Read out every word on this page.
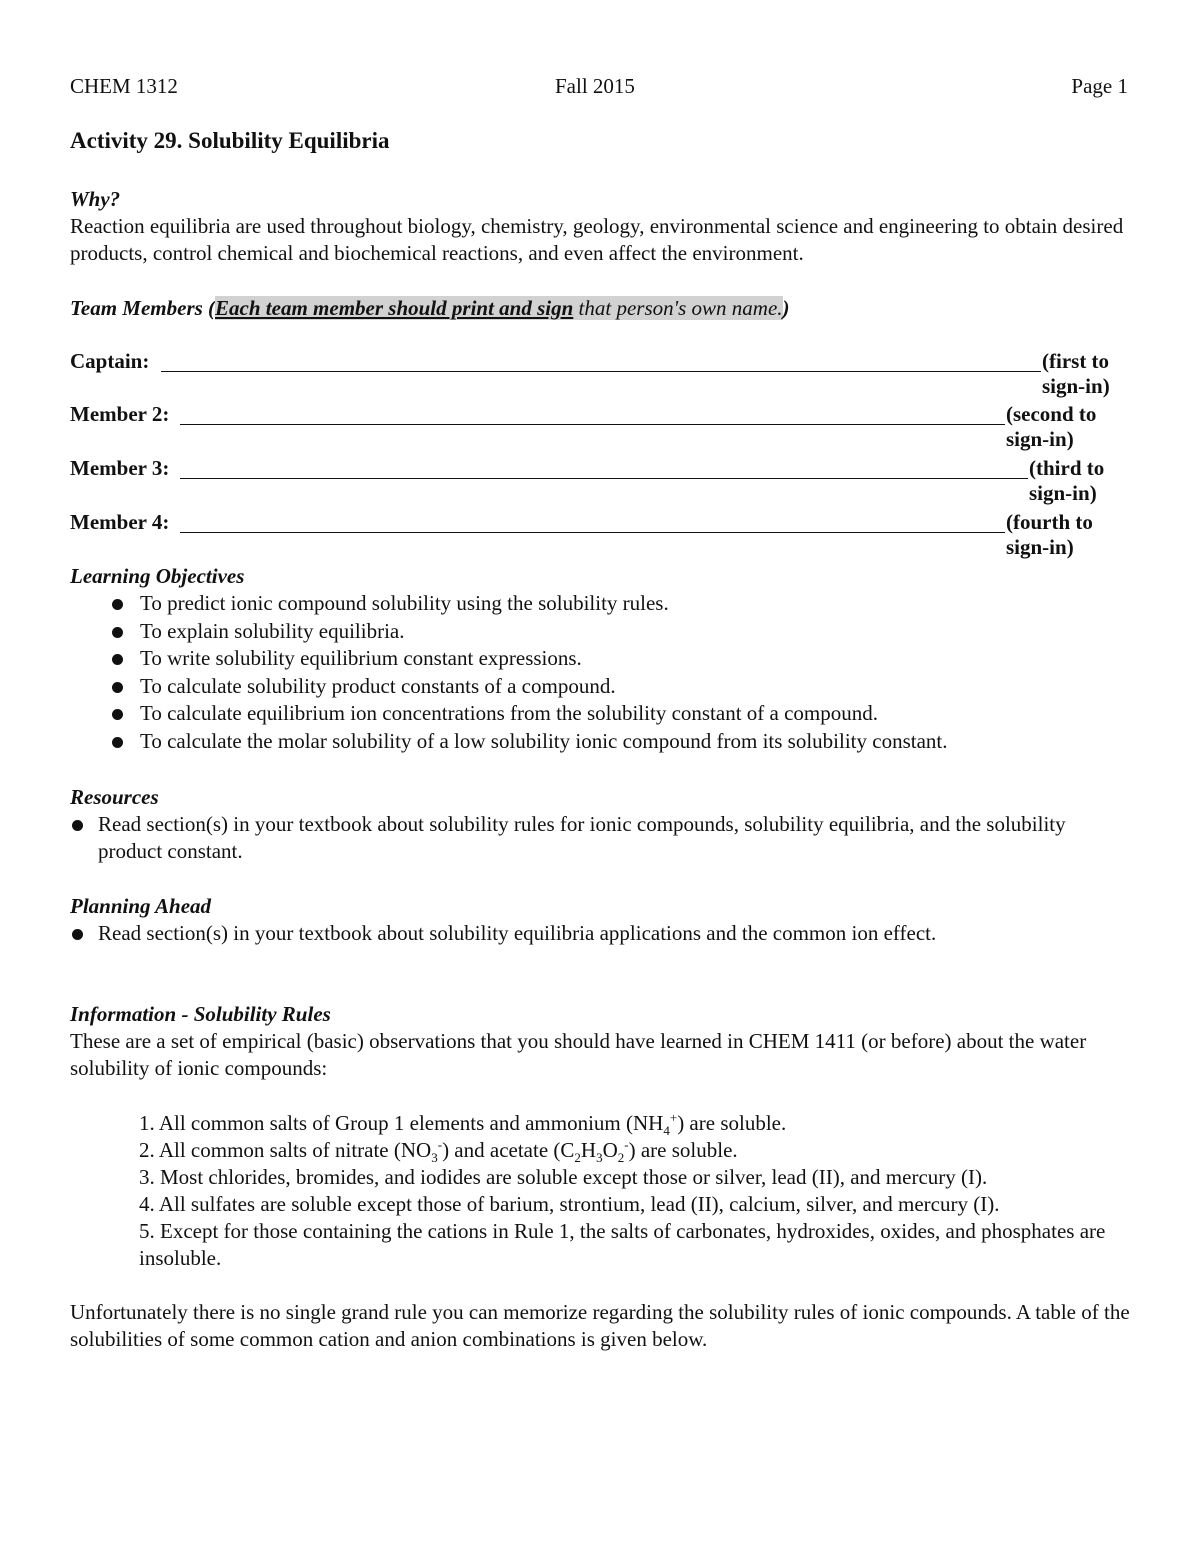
CHEM 1312	Fall 2015	Page 1
Activity 29. Solubility Equilibria
Why?
Reaction equilibria are used throughout biology, chemistry, geology, environmental science and engineering to obtain desired products, control chemical and biochemical reactions, and even affect the environment.
Team Members (Each team member should print and sign that person's own name.)
Captain:	(first to sign-in)
Member 2:	(second to sign-in)
Member 3:	(third to sign-in)
Member 4:	(fourth to sign-in)
Learning Objectives
To predict ionic compound solubility using the solubility rules.
To explain solubility equilibria.
To write solubility equilibrium constant expressions.
To calculate solubility product constants of a compound.
To calculate equilibrium ion concentrations from the solubility constant of a compound.
To calculate the molar solubility of a low solubility ionic compound from its solubility constant.
Resources
Read section(s) in your textbook about solubility rules for ionic compounds, solubility equilibria, and the solubility product constant.
Planning Ahead
Read section(s) in your textbook about solubility equilibria applications and the common ion effect.
Information - Solubility Rules
These are a set of empirical (basic) observations that you should have learned in CHEM 1411 (or before) about the water solubility of ionic compounds:
1. All common salts of Group 1 elements and ammonium $(NH_4^+)$ are soluble.
2. All common salts of nitrate $(NO_3^-)$ and acetate $(C_2H_3O_2^-)$ are soluble.
3. Most chlorides, bromides, and iodides are soluble except those or silver, lead (II), and mercury (I).
4. All sulfates are soluble except those of barium, strontium, lead (II), calcium, silver, and mercury (I).
5. Except for those containing the cations in Rule 1, the salts of carbonates, hydroxides, oxides, and phosphates are insoluble.
Unfortunately there is no single grand rule you can memorize regarding the solubility rules of ionic compounds. A table of the solubilities of some common cation and anion combinations is given below.
